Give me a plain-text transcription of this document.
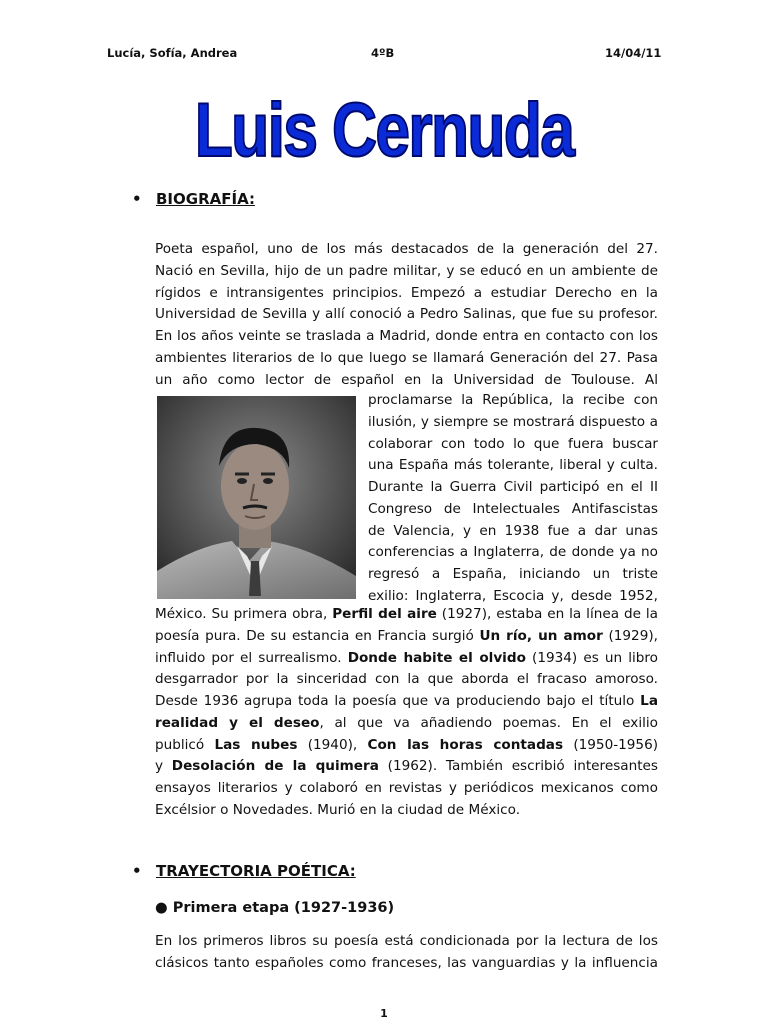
Lucía, Sofía, Andrea	4ºB	14/04/11
Luis Cernuda
• BIOGRAFÍA:
Poeta español, uno de los más destacados de la generación del 27.
Nació en Sevilla, hijo de un padre militar, y se educó en un ambiente de
rígidos e intransigentes principios. Empezó a estudiar Derecho en la
Universidad de Sevilla y allí conoció a Pedro Salinas, que fue su profesor.
En los años veinte se traslada a Madrid, donde entra en contacto con los
ambientes literarios de lo que luego se llamará Generación del 27. Pasa
un año como lector de español en la Universidad de Toulouse. Al
proclamarse la República, la recibe con
ilusión, y siempre se mostrará dispuesto a
colaborar con todo lo que fuera buscar
una España más tolerante, liberal y culta.
Durante la Guerra Civil participó en el II
Congreso de Intelectuales Antifascistas
de Valencia, y en 1938 fue a dar unas
conferencias a Inglaterra, de donde ya no
regresó a España, iniciando un triste
exilio: Inglaterra, Escocia y, desde 1952,
México. Su primera obra, Perfil del aire (1927), estaba en la línea de la
poesía pura. De su estancia en Francia surgió Un río, un amor (1929),
influido por el surrealismo. Donde habite el olvido (1934) es un libro
desgarrador por la sinceridad con la que aborda el fracaso amoroso.
Desde 1936 agrupa toda la poesía que va produciendo bajo el título La
realidad y el deseo, al que va añadiendo poemas. En el exilio
publicó Las nubes (1940), Con las horas contadas (1950-1956)
y Desolación de la quimera (1962). También escribió interesantes
ensayos literarios y colaboró en revistas y periódicos mexicanos como
Excélsior o Novedades. Murió en la ciudad de México.
• TRAYECTORIA POÉTICA:
● Primera etapa (1927-1936)
En los primeros libros su poesía está condicionada por la lectura de los
clásicos tanto españoles como franceses, las vanguardias y la influencia
1
